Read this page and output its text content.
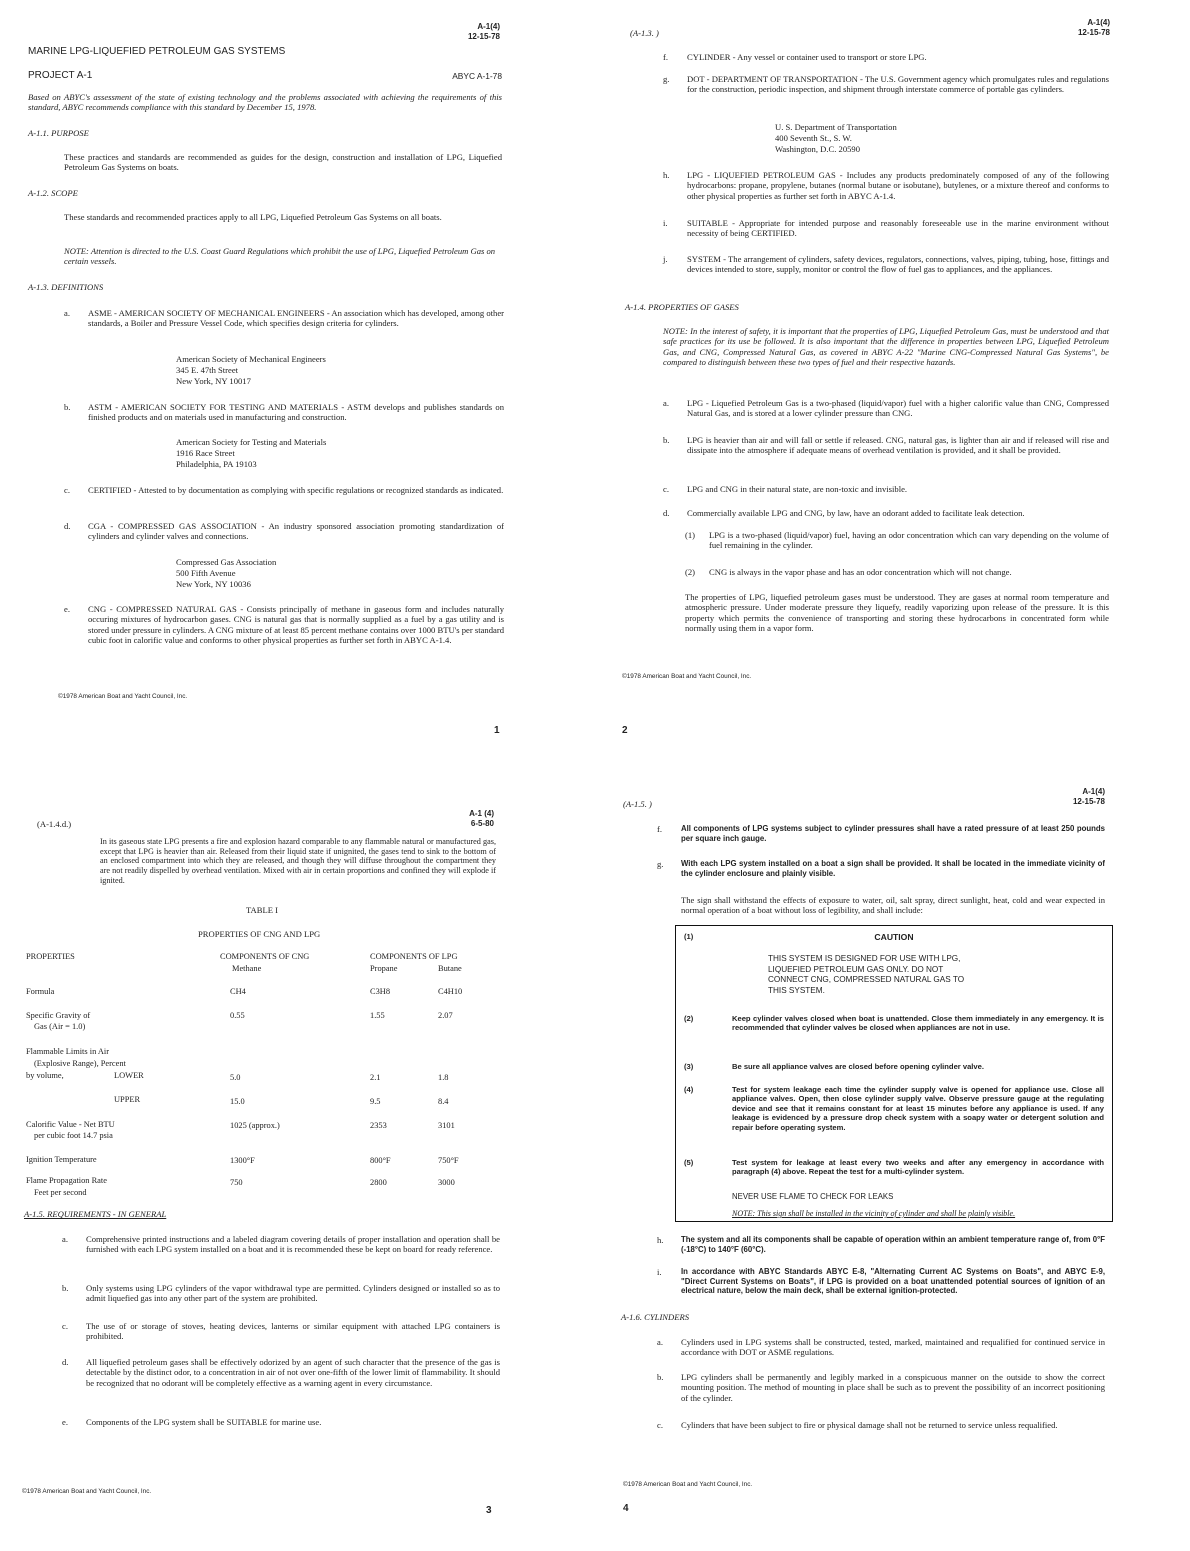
A-1(4)
12-15-78
MARINE LPG-LIQUEFIED PETROLEUM GAS SYSTEMS
PROJECT A-1	ABYC A-1-78
Based on ABYC's assessment of the state of existing technology and the problems associated with achieving the requirements of this standard, ABYC recommends compliance with this standard by December 15, 1978.
A-1.1. PURPOSE
These practices and standards are recommended as guides for the design, construction and installation of LPG, Liquefied Petroleum Gas Systems on boats.
A-1.2. SCOPE
These standards and recommended practices apply to all LPG, Liquefied Petroleum Gas Systems on all boats.
NOTE: Attention is directed to the U.S. Coast Guard Regulations which prohibit the use of LPG, Liquefied Petroleum Gas on certain vessels.
A-1.3. DEFINITIONS
a. ASME - AMERICAN SOCIETY OF MECHANICAL ENGINEERS - An association which has developed, among other standards, a Boiler and Pressure Vessel Code, which specifies design criteria for cylinders.
American Society of Mechanical Engineers
345 E. 47th Street
New York, NY 10017
b. ASTM - AMERICAN SOCIETY FOR TESTING AND MATERIALS - ASTM develops and publishes standards on finished products and on materials used in manufacturing and construction.
American Society for Testing and Materials
1916 Race Street
Philadelphia, PA 19103
c. CERTIFIED - Attested to by documentation as complying with specific regulations or recognized standards as indicated.
d. CGA - COMPRESSED GAS ASSOCIATION - An industry sponsored association promoting standardization of cylinders and cylinder valves and connections.
Compressed Gas Association
500 Fifth Avenue
New York, NY 10036
e. CNG - COMPRESSED NATURAL GAS - Consists principally of methane in gaseous form and includes naturally occuring mixtures of hydrocarbon gases. CNG is natural gas that is normally supplied as a fuel by a gas utility and is stored under pressure in cylinders. A CNG mixture of at least 85 percent methane contains over 1000 BTU's per standard cubic foot in calorific value and conforms to other physical properties as further set forth in ABYC A-1.4.
©1978 American Boat and Yacht Council, Inc.
1
(A-1.3. )
A-1(4)
12-15-78
f. CYLINDER - Any vessel or container used to transport or store LPG.
g. DOT - DEPARTMENT OF TRANSPORTATION - The U.S. Government agency which promulgates rules and regulations for the construction, periodic inspection, and shipment through interstate commerce of portable gas cylinders.
U. S. Department of Transportation
400 Seventh St., S. W.
Washington, D.C. 20590
h. LPG - LIQUEFIED PETROLEUM GAS - Includes any products predominately composed of any of the following hydrocarbons: propane, propylene, butanes (normal butane or isobutane), butylenes, or a mixture thereof and conforms to other physical properties as further set forth in ABYC A-1.4.
i. SUITABLE - Appropriate for intended purpose and reasonably foreseeable use in the marine environment without necessity of being CERTIFIED.
j. SYSTEM - The arrangement of cylinders, safety devices, regulators, connections, valves, piping, tubing, hose, fittings and devices intended to store, supply, monitor or control the flow of fuel gas to appliances, and the appliances.
A-1.4. PROPERTIES OF GASES
NOTE: In the interest of safety, it is important that the properties of LPG, Liquefied Petroleum Gas, must be understood and that safe practices for its use be followed. It is also important that the difference in properties between LPG, Liquefied Petroleum Gas, and CNG, Compressed Natural Gas, as covered in ABYC A-22 "Marine CNG-Compressed Natural Gas Systems", be compared to distinguish between these two types of fuel and their respective hazards.
a. LPG - Liquefied Petroleum Gas is a two-phased (liquid/vapor) fuel with a higher calorific value than CNG, Compressed Natural Gas, and is stored at a lower cylinder pressure than CNG.
b. LPG is heavier than air and will fall or settle if released. CNG, natural gas, is lighter than air and if released will rise and dissipate into the atmosphere if adequate means of overhead ventilation is provided, and it shall be provided.
c. LPG and CNG in their natural state, are non-toxic and invisible.
d. Commercially available LPG and CNG, by law, have an odorant added to facilitate leak detection.
(1) LPG is a two-phased (liquid/vapor) fuel, having an odor concentration which can vary depending on the volume of fuel remaining in the cylinder.
(2) CNG is always in the vapor phase and has an odor concentration which will not change.
The properties of LPG, liquefied petroleum gases must be understood. They are gases at normal room temperature and atmospheric pressure. Under moderate pressure they liquefy, readily vaporizing upon release of the pressure. It is this property which permits the convenience of transporting and storing these hydrocarbons in concentrated form while normally using them in a vapor form.
©1978 American Boat and Yacht Council, Inc.
2
(A-1.4.d.)
A-1 (4)
6-5-80
In its gaseous state LPG presents a fire and explosion hazard comparable to any flammable natural or manufactured gas, except that LPG is heavier than air. Released from their liquid state if unignited, the gases tend to sink to the bottom of an enclosed compartment into which they are released, and though they will diffuse throughout the compartment they are not readily dispelled by overhead ventilation. Mixed with air in certain proportions and confined they will explode if ignited.
TABLE I
PROPERTIES OF CNG AND LPG
PROPERTIES	COMPONENTS OF CNG	COMPONENTS OF LPG
Methane	Propane	Butane
Formula	CH4	C3H8	C4H10
Specific Gravity of
Gas (Air = 1.0)
0.55	1.55	2.07
Flammable Limits in Air
(Explosive Range), Percent
by volume,	LOWER	5.0	2.1	1.8
UPPER	15.0	9.5	8.4
Calorific Value - Net BTU
per cubic foot 14.7 psia
1025 (approx.)	2353	3101
Ignition Temperature	1300°F	800°F	750°F
Flame Propagation Rate
Feet per second
750	2800	3000
A-1.5. REQUIREMENTS - IN GENERAL
a. Comprehensive printed instructions and a labeled diagram covering details of proper installation and operation shall be furnished with each LPG system installed on a boat and it is recommended these be kept on board for ready reference.
b. Only systems using LPG cylinders of the vapor withdrawal type are permitted. Cylinders designed or installed so as to admit liquefied gas into any other part of the system are prohibited.
c. The use of or storage of stoves, heating devices, lanterns or similar equipment with attached LPG containers is prohibited.
d. All liquefied petroleum gases shall be effectively odorized by an agent of such character that the presence of the gas is detectable by the distinct odor, to a concentration in air of not over one-fifth of the lower limit of flammability. It should be recognized that no odorant will be completely effective as a warning agent in every circumstance.
e. Components of the LPG system shall be SUITABLE for marine use.
©1978 American Boat and Yacht Council, Inc.
3
(A-1.5. )
A-1(4)
12-15-78
f. All components of LPG systems subject to cylinder pressures shall have a rated pressure of at least 250 pounds per square inch gauge.
g. With each LPG system installed on a boat a sign shall be provided. It shall be located in the immediate vicinity of the cylinder enclosure and plainly visible.
The sign shall withstand the effects of exposure to water, oil, salt spray, direct sunlight, heat, cold and wear expected in normal operation of a boat without loss of legibility, and shall include:
©1978 American Boat and Yacht Council, Inc.
4
h. The system and all its components shall be capable of operation within an ambient temperature range of, from 0°F (-18°C) to 140°F (60°C).
i. In accordance with ABYC Standards ABYC E-8, "Alternating Current AC Systems on Boats", and ABYC E-9, "Direct Current Systems on Boats", if LPG is provided on a boat unattended potential sources of ignition of an electrical nature, below the main deck, shall be external ignition-protected.
A-1.6. CYLINDERS
a. Cylinders used in LPG systems shall be constructed, tested, marked, maintained and requalified for continued service in accordance with DOT or ASME regulations.
b. LPG cylinders shall be permanently and legibly marked in a conspicuous manner on the outside to show the correct mounting position. The method of mounting in place shall be such as to prevent the possibility of an incorrect positioning of the cylinder.
c. Cylinders that have been subject to fire or physical damage shall not be returned to service unless requalified.
(1)	CAUTION
THIS SYSTEM IS DESIGNED FOR USE WITH LPG,
LIQUEFIED PETROLEUM GAS ONLY. DO NOT
CONNECT CNG, COMPRESSED NATURAL GAS TO
THIS SYSTEM.
(2)	Keep cylinder valves closed when boat is unattended. Close them immediately in any emergency. It is recommended that cylinder valves be closed when appliances are not in use.
(3)	Be sure all appliance valves are closed before opening cylinder valve.
(4)	Test for system leakage each time the cylinder supply valve is opened for appliance use. Close all appliance valves. Open, then close cylinder supply valve. Observe pressure gauge at the regulating device and see that it remains constant for at least 15 minutes before any appliance is used. If any leakage is evidenced by a pressure drop check system with a soapy water or detergent solution and repair before operating system.
(5)	Test system for leakage at least every two weeks and after any emergency in accordance with paragraph (4) above. Repeat the test for a multi-cylinder system.
NEVER USE FLAME TO CHECK FOR LEAKS
NOTE: This sign shall be installed in the vicinity of cylinder and shall be plainly visible.
